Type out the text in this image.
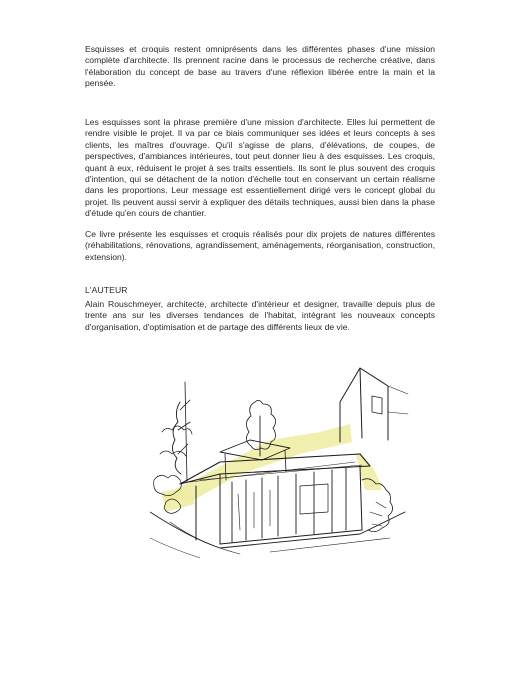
Esquisses et croquis restent omniprésents dans les différentes phases d'une mission complète d'architecte. Ils prennent racine dans le processus de recherche créative, dans l'élaboration du concept de base au travers d'une réflexion libérée entre la main et la pensée.

Les esquisses sont la phrase première d'une mission d'architecte. Elles lui permettent de rendre visible le projet. Il va par ce biais communiquer ses idées et leurs concepts à ses clients, les maîtres d'ouvrage. Qu'il s'agisse de plans, d'élévations, de coupes, de perspectives, d'ambiances intérieures, tout peut donner lieu à des esquisses. Les croquis, quant à eux, réduisent le projet à ses traits essentiels. Ils sont le plus souvent des croquis d'intention, qui se détachent de la notion d'échelle tout en conservant un certain réalisme dans les proportions. Leur message est essentiellement dirigé vers le concept global du projet. Ils peuvent aussi servir à expliquer des détails techniques, aussi bien dans la phase d'étude qu'en cours de chantier.

Ce livre présente les esquisses et croquis réalisés pour dix projets de natures différentes (réhabilitations, rénovations, agrandissement, aménagements, réorganisation, construction, extension).

L'AUTEUR

Alain Rouschmeyer, architecte, architecte d'intérieur et designer, travaille depuis plus de trente ans sur les diverses tendances de l'habitat, intégrant les nouveaux concepts d'organisation, d'optimisation et de partage des différents lieux de vie.
